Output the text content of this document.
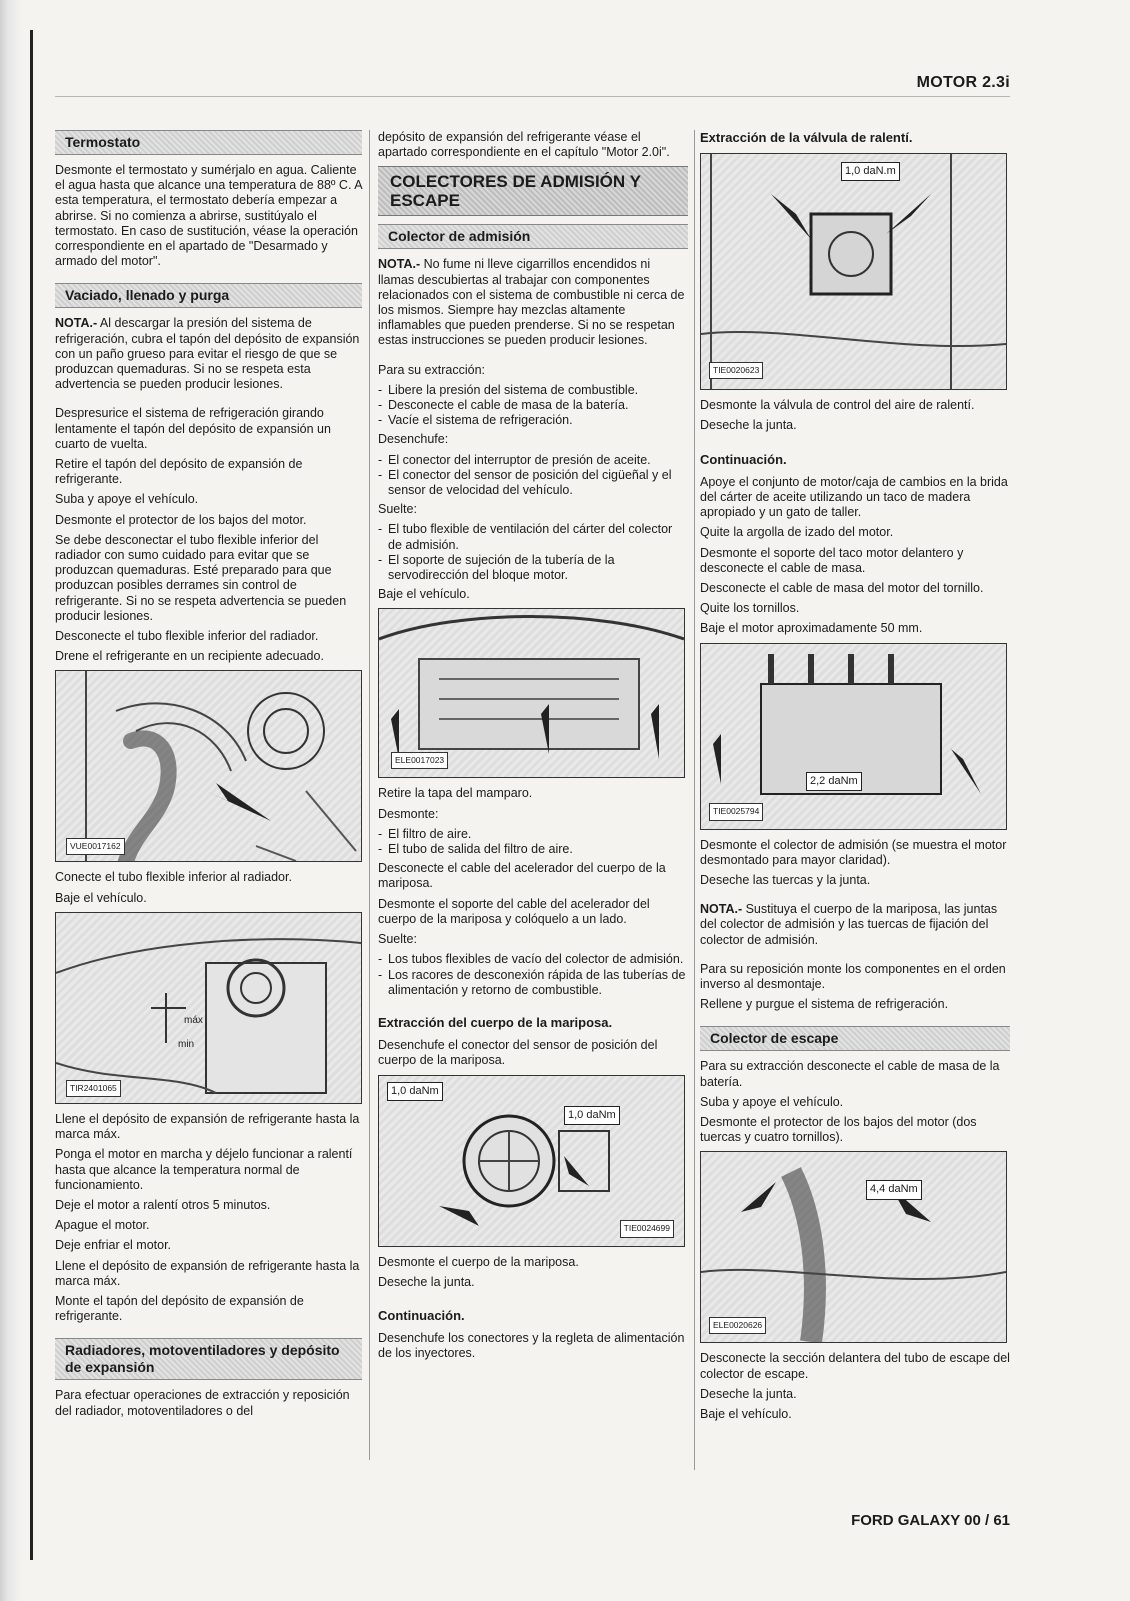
MOTOR 2.3i
Termostato

Desmonte el termostato y sumérjalo en agua. Caliente el agua hasta que alcance una temperatura de 88º C. A esta temperatura, el termostato debería empezar a abrirse. Si no comienza a abrirse, sustitúyalo el termostato. En caso de sustitución, véase la operación correspondiente en el apartado de "Desarmado y armado del motor".

Vaciado, llenado y purga

NOTA.- Al descargar la presión del sistema de refrigeración, cubra el tapón del depósito de expansión con un paño grueso para evitar el riesgo de que se produzcan quemaduras. Si no se respeta esta advertencia se pueden producir lesiones.

Despresurice el sistema de refrigeración girando lentamente el tapón del depósito de expansión un cuarto de vuelta.

Retire el tapón del depósito de expansión de refrigerante.

Suba y apoye el vehículo.

Desmonte el protector de los bajos del motor.

Se debe desconectar el tubo flexible inferior del radiador con sumo cuidado para evitar que se produzcan quemaduras. Esté preparado para que produzcan posibles derrames sin control de refrigerante. Si no se respeta advertencia se pueden producir lesiones.

Desconecte el tubo flexible inferior del radiador.

Drene el refrigerante en un recipiente adecuado.

VUE0017162

Conecte el tubo flexible inferior al radiador.

Baje el vehículo.

TIR2401065
máx
min

Llene el depósito de expansión de refrigerante hasta la marca máx.

Ponga el motor en marcha y déjelo funcionar a ralentí hasta que alcance la temperatura normal de funcionamiento.

Deje el motor a ralentí otros 5 minutos.

Apague el motor.

Deje enfriar el motor.

Llene el depósito de expansión de refrigerante hasta la marca máx.

Monte el tapón del depósito de expansión de refrigerante.

Radiadores, motoventiladores y depósito de expansión

Para efectuar operaciones de extracción y reposición del radiador, motoventiladores o del

depósito de expansión del refrigerante véase el apartado correspondiente en el capítulo "Motor 2.0i".

COLECTORES DE ADMISIÓN Y ESCAPE
Colector de admisión

NOTA.- No fume ni lleve cigarrillos encendidos ni llamas descubiertas al trabajar con componentes relacionados con el sistema de combustible ni cerca de los mismos. Siempre hay mezclas altamente inflamables que pueden prenderse. Si no se respetan estas instrucciones se pueden producir lesiones.

Para su extracción:

- Libere la presión del sistema de combustible.
- Desconecte el cable de masa de la batería.
- Vacíe el sistema de refrigeración.

Desenchufe:

- El conector del interruptor de presión de aceite.
- El conector del sensor de posición del cigüeñal y el sensor de velocidad del vehículo.

Suelte:

- El tubo flexible de ventilación del cárter del colector de admisión.
- El soporte de sujeción de la tubería de la servodirección del bloque motor.

Baje el vehículo.

ELE0017023

Retire la tapa del mamparo.

Desmonte:

- El filtro de aire.
- El tubo de salida del filtro de aire.

Desconecte el cable del acelerador del cuerpo de la mariposa.

Desmonte el soporte del cable del acelerador del cuerpo de la mariposa y colóquelo a un lado.

Suelte:

- Los tubos flexibles de vacío del colector de admisión.
- Los racores de desconexión rápida de las tuberías de alimentación y retorno de combustible.
Extracción del cuerpo de la mariposa.

Desenchufe el conector del sensor de posición del cuerpo de la mariposa.

1,0 daNm
1,0 daNm
TIE0024699

Desmonte el cuerpo de la mariposa.

Deseche la junta.

Continuación.

Desenchufe los conectores y la regleta de alimentación de los inyectores.

Extracción de la válvula de ralentí.
1,0 daN.m
TIE0020623

Desmonte la válvula de control del aire de ralentí.

Deseche la junta.

Continuación.

Apoye el conjunto de motor/caja de cambios en la brida del cárter de aceite utilizando un taco de madera apropiado y un gato de taller.

Quite la argolla de izado del motor.

Desmonte el soporte del taco motor delantero y desconecte el cable de masa.

Desconecte el cable de masa del motor del tornillo.

Quite los tornillos.

Baje el motor aproximadamente 50 mm.

2,2 daNm
TIE0025794

Desmonte el colector de admisión (se muestra el motor desmontado para mayor claridad).

Deseche las tuercas y la junta.

NOTA.- Sustituya el cuerpo de la mariposa, las juntas del colector de admisión y las tuercas de fijación del colector de admisión.

Para su reposición monte los componentes en el orden inverso al desmontaje.

Rellene y purgue el sistema de refrigeración.

Colector de escape

Para su extracción desconecte el cable de masa de la batería.

Suba y apoye el vehículo.

Desmonte el protector de los bajos del motor (dos tuercas y cuatro tornillos).

4,4 daNm
ELE0020626

Desconecte la sección delantera del tubo de escape del colector de escape.

Deseche la junta.

Baje el vehículo.

FORD GALAXY 00 / 61
